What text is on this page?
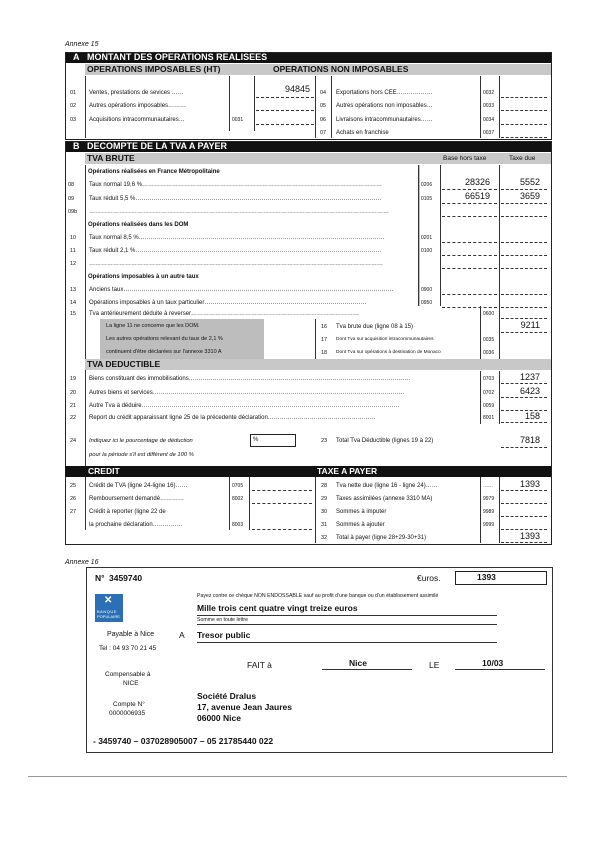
Annexe 15
A MONTANT DES OPERATIONS REALISEES
OPERATIONS IMPOSABLES (HT)	OPERATIONS NON IMPOSABLES
01 Ventes, prestations de sevices ……	94845
02 Autres opérations imposables………
03 Acquisitions intracommunautaires…	0031
04 Exportations hors CEE………………	0032
05 Autres opérations non imposables…	0033
06 Livraisons intracommunautaires……	0034
07 Achats en franchise	0037
B DECOMPTE DE LA TVA A PAYER
TVA BRUTE	Base hors taxe	Taxe due
Opérations réalisées en France Métropolitaine
08 Taux normal 19,6 %…………………………………………………………………………………………………………	0206	28326	5552
09 Taux réduit 5,5 %……………………………………………………………………………………………………………	0105	66519	3659
09b ……………………………………………………………………………………………………………………………………
Opérations réalisées dans les DOM
10 Taux normal 8,5 %……………………………………………………………………………………………………………	0201
11 Taux réduit 2,1 %……………………………………………………………………………………………………………	0100
12 …………………………………………………………………………………………………………………………………
Opérations imposables à un autre taux
13 Anciens taux………………………………………………………………………………………………………………………	0900
14 Opérations imposables à un taux particulier………………………………………………………………………	0950
15 Tva antérieurement déduite à reverser…………………………………………………………………………	0600
La ligne 11 ne concerne que les DOM.
Les autres opérations relevant du taux de 2,1 %
continuent d'être déclarées sur l'annexe 3310 A
16 Tva brute due (ligne 08 à 15)	9211
17 Dont Tva sur acquisition intracommunautaires	0035
18 Dont Tva sur opérations à destination de Monaco	0036
TVA DEDUCTIBLE
19 Biens constituant des immobilisations…………………………………………………………………………………………………	0703	1237
20 Autres biens et services………………………………………………………………………………………………………………	0702	6423
21 Autre Tva à déduire…………………………………………………………………………………………………………………	0059
22 Report du crédit apparaissant ligne 25 de la précedente déclaration………………………………………………	8001	158
24 Indiquez ici le pourcentage de déduction
pour la période s'il est différent de 100 %
%	23 Total Tva Déductible (lignes 19 à 22)	7818
CREDIT	TAXE A PAYER
25 Crédit de TVA (ligne 24-ligne 16)……	0705
26 Remboursement demandé…………	8002
27 Crédit à reporter (ligne 22 de
la prochaine déclaration……………	8003
28 Tva nette due (ligne 16 - ligne 24)……	……	1393
29 Taxes assimilées (annexe 3310 MA)	9979
30 Sommes à imputer	9989
31 Sommes à ajouter	9999
32 Total à payer (ligne 28+29-30+31)	1393
Annexe 16
N° 3459740	€uros.	1393
✕
BANQUE
POPULAIRE
Payez contre ce chèque NON ENDOSSABLE sauf au profit d'une banque ou d'un établissement assimilé
Mille trois cent quatre vingt treize euros
Somme en toute lettre
Payable à Nice	A Tresor public
Tel : 04 93 70 21 45
FAIT à	Nice	LE	10/03
Compensable à
NICE
Société Dralus
17, avenue Jean Jaures
06000 Nice
Compte N°
0000006935
- 3459740 – 037028905007 – 05 21785440 022
